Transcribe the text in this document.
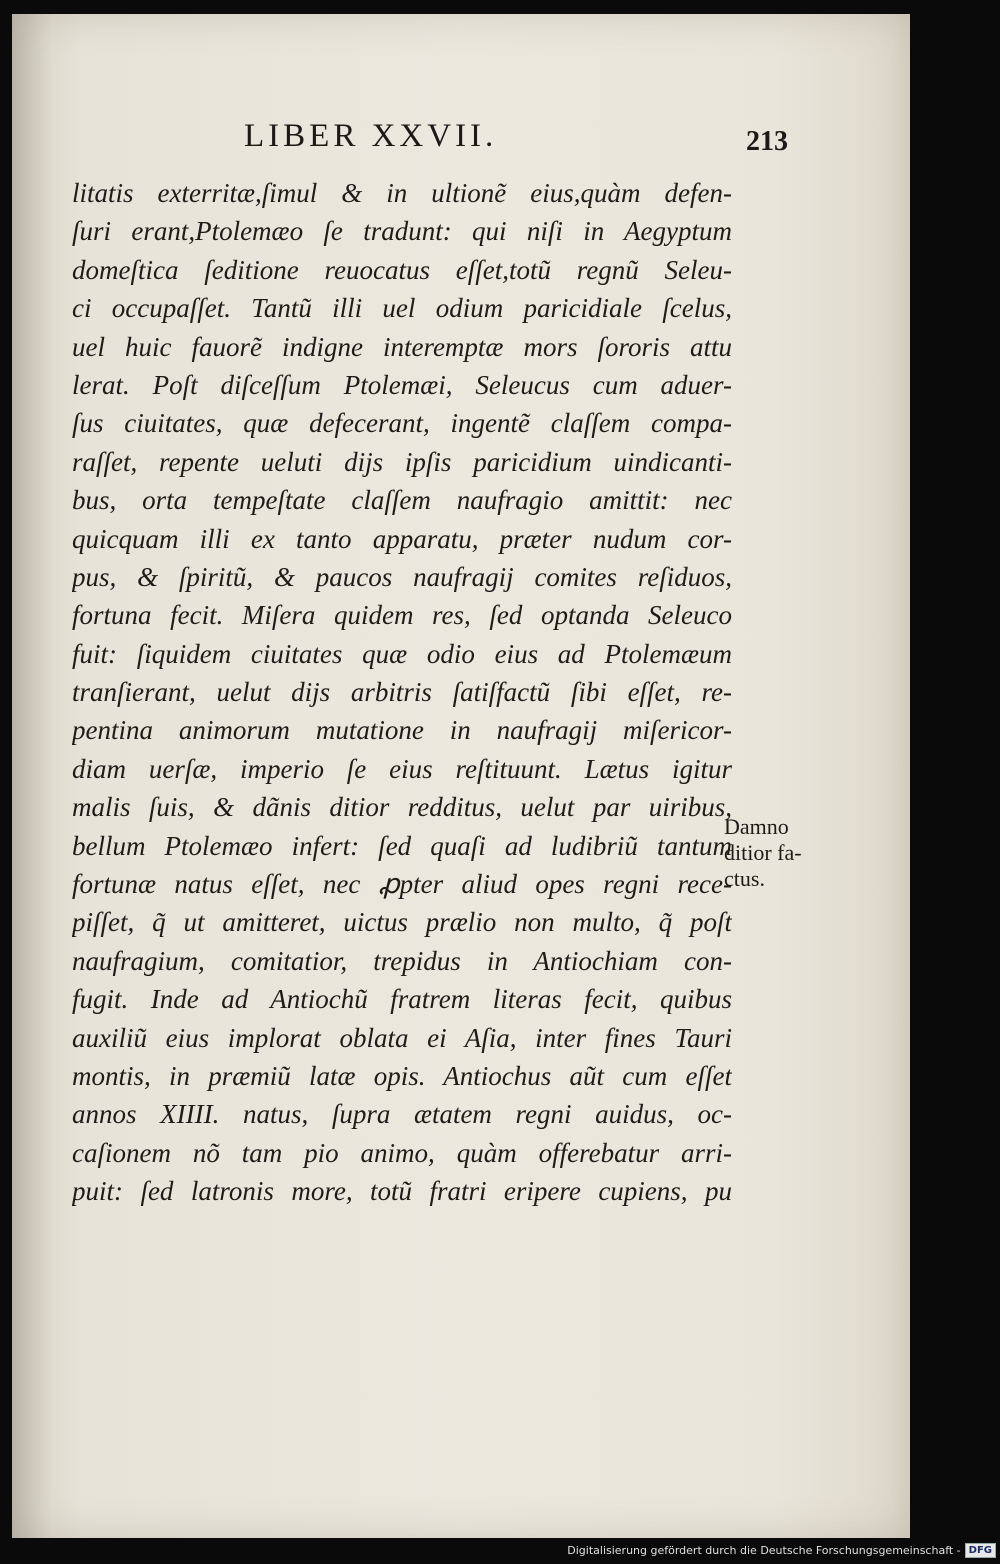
LIBER XXVII.	213
litatis exterritæ,ſimul & in ultionẽ eius,quàm defen-
ſuri erant,Ptolemæo ſe tradunt: qui niſi in Aegyptum
domeſtica ſeditione reuocatus eſſet,totũ regnũ Seleu-
ci occupaſſet. Tantũ illi uel odium paricidiale ſcelus,
uel huic fauorẽ indigne interemptæ mors ſororis attu
lerat. Poſt diſceſſum Ptolemæi, Seleucus cum aduer-
ſus ciuitates, quæ defecerant, ingentẽ claſſem compa-
raſſet, repente ueluti dijs ipſis paricidium uindicanti-
bus, orta tempeſtate claſſem naufragio amittit: nec
quicquam illi ex tanto apparatu, præter nudum cor-
pus, & ſpiritũ, & paucos naufragij comites reſiduos,
fortuna fecit. Miſera quidem res, ſed optanda Seleuco
fuit: ſiquidem ciuitates quæ odio eius ad Ptolemæum
tranſierant, uelut dijs arbitris ſatiſfactũ ſibi eſſet, re-
pentina animorum mutatione in naufragij miſericor-
diam uerſæ, imperio ſe eius reſtituunt. Lætus igitur
malis ſuis, & dãnis ditior redditus, uelut par uiribus,
bellum Ptolemæo infert: ſed quaſi ad ludibriũ tantum
fortunæ natus eſſet, nec ꝓpter aliud opes regni rece-
piſſet, q̃ ut amitteret, uictus prælio non multo, q̃ poſt
naufragium, comitatior, trepidus in Antiochiam con-
fugit. Inde ad Antiochũ fratrem literas fecit, quibus
auxiliũ eius implorat oblata ei Aſia, inter fines Tauri
montis, in præmiũ latæ opis. Antiochus aũt cum eſſet
annos XIIII. natus, ſupra ætatem regni auidus, oc-
caſionem nõ tam pio animo, quàm offerebatur arri-
puit: ſed latronis more, totũ fratri eripere cupiens, pu
Damno
ditior fa-
ctus.
Digitalisierung gefördert durch die Deutsche Forschungsgemeinschaft - DFG
